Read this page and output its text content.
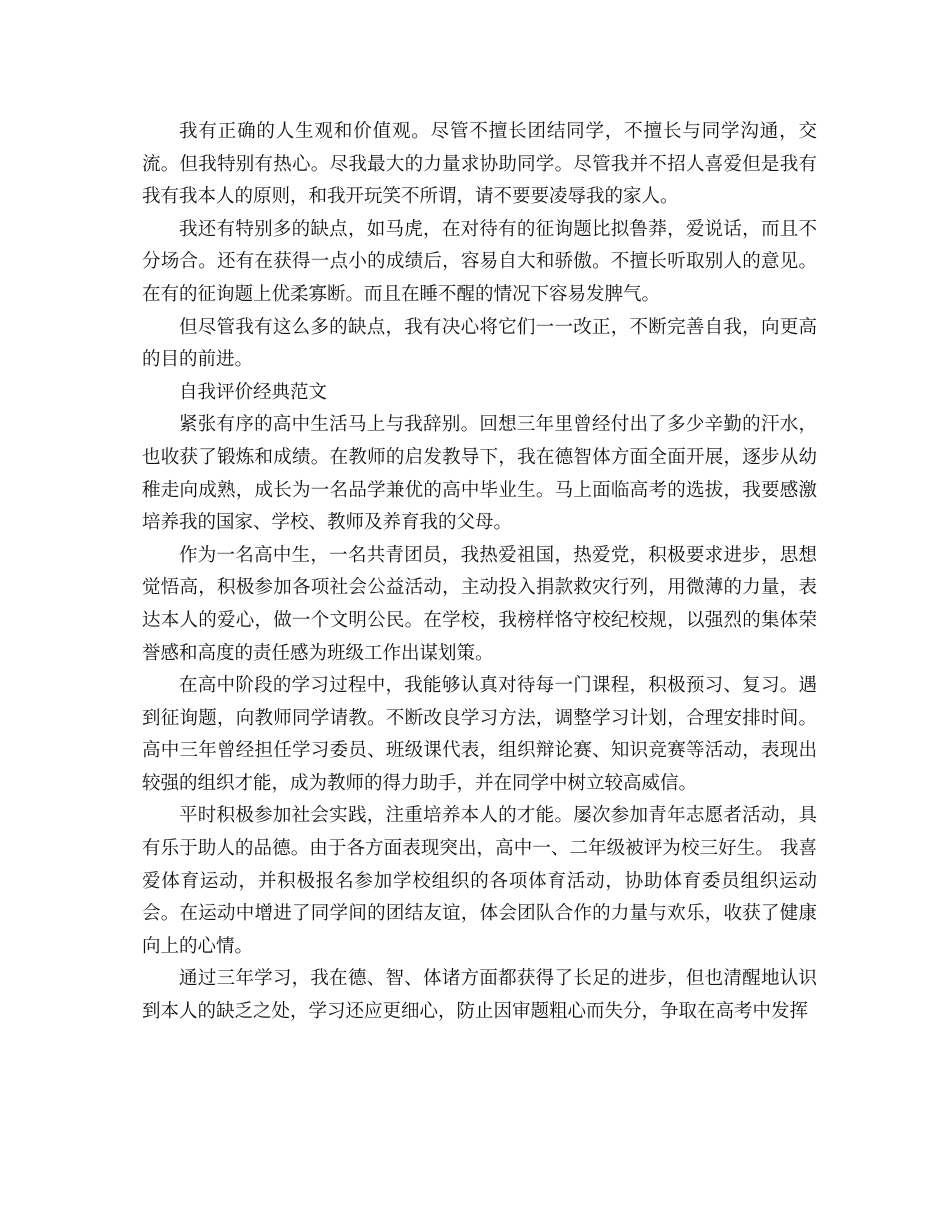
我有正确的人生观和价值观。尽管不擅长团结同学，不擅长与同学沟通，交流。但我特别有热心。尽我最大的力量求协助同学。尽管我并不招人喜爱但是我有我有我本人的原则，和我开玩笑不所谓，请不要要凌辱我的家人。

我还有特别多的缺点，如马虎，在对待有的征询题比拟鲁莽，爱说话，而且不分场合。还有在获得一点小的成绩后，容易自大和骄傲。不擅长听取别人的意见。在有的征询题上优柔寡断。而且在睡不醒的情况下容易发脾气。

但尽管我有这么多的缺点，我有决心将它们一一改正，不断完善自我，向更高的目的前进。

自我评价经典范文

紧张有序的高中生活马上与我辞别。回想三年里曾经付出了多少辛勤的汗水，也收获了锻炼和成绩。在教师的启发教导下，我在德智体方面全面开展，逐步从幼稚走向成熟，成长为一名品学兼优的高中毕业生。马上面临高考的选拔，我要感激培养我的国家、学校、教师及养育我的父母。

作为一名高中生，一名共青团员，我热爱祖国，热爱党，积极要求进步，思想觉悟高，积极参加各项社会公益活动，主动投入捐款救灾行列，用微薄的力量，表达本人的爱心，做一个文明公民。在学校，我榜样恪守校纪校规，以强烈的集体荣誉感和高度的责任感为班级工作出谋划策。

在高中阶段的学习过程中，我能够认真对待每一门课程，积极预习、复习。遇到征询题，向教师同学请教。不断改良学习方法，调整学习计划，合理安排时间。高中三年曾经担任学习委员、班级课代表，组织辩论赛、知识竞赛等活动，表现出较强的组织才能，成为教师的得力助手，并在同学中树立较高威信。

平时积极参加社会实践，注重培养本人的才能。屡次参加青年志愿者活动，具有乐于助人的品德。由于各方面表现突出，高中一、二年级被评为校三好生。 我喜爱体育运动，并积极报名参加学校组织的各项体育活动，协助体育委员组织运动会。在运动中增进了同学间的团结友谊，体会团队合作的力量与欢乐，收获了健康向上的心情。

通过三年学习，我在德、智、体诸方面都获得了长足的进步，但也清醒地认识到本人的缺乏之处，学习还应更细心，防止因审题粗心而失分，争取在高考中发挥
